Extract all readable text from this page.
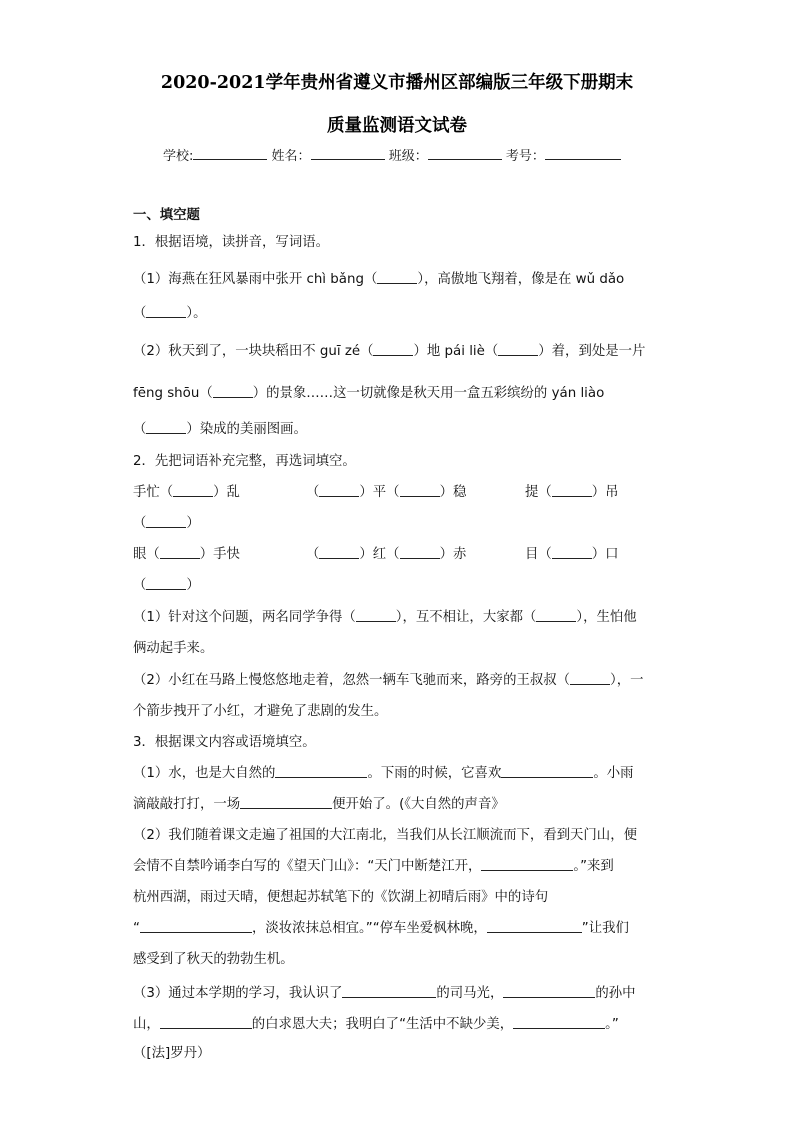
2020-2021学年贵州省遵义市播州区部编版三年级下册期末
质量监测语文试卷
学校:	姓名：	班级：	考号：
一、填空题
1．根据语境，读拼音，写词语。
（1）海燕在狂风暴雨中张开 chì bǎng（	），高傲地飞翔着，像是在 wǔ dǎo
（	）。
（2）秋天到了，一块块稻田不 guī zé（	）地 pái liè（	）着，到处是一片
fēng shōu（	）的景象……这一切就像是秋天用一盒五彩缤纷的 yán liào
（	）染成的美丽图画。
2．先把词语补充完整，再选词填空。
手忙（	）乱	（	）平（	）稳	提（	）吊
（	）
眼（	）手快	（	）红（	）赤	目（	）口
（	）
（1）针对这个问题，两名同学争得（	），互不相让，大家都（	），生怕他
俩动起手来。
（2）小红在马路上慢悠悠地走着，忽然一辆车飞驰而来，路旁的王叔叔（	），一
个箭步拽开了小红，才避免了悲剧的发生。
3．根据课文内容或语境填空。
（1）水，也是大自然的	。下雨的时候，它喜欢	。小雨
滴敲敲打打，一场	便开始了。(《大自然的声音》
（2）我们随着课文走遍了祖国的大江南北，当我们从长江顺流而下，看到天门山，便
会情不自禁吟诵李白写的《望天门山》：“天门中断楚江开，	。”来到
杭州西湖，雨过天晴，便想起苏轼笔下的《饮湖上初晴后雨》中的诗句
“	，淡妆浓抹总相宜。”“停车坐爱枫林晚，	”让我们
感受到了秋天的勃勃生机。
（3）通过本学期的学习，我认识了	的司马光，	的孙中
山，	的白求恩大夫；我明白了“生活中不缺少美，	。”
（[法]罗丹）
